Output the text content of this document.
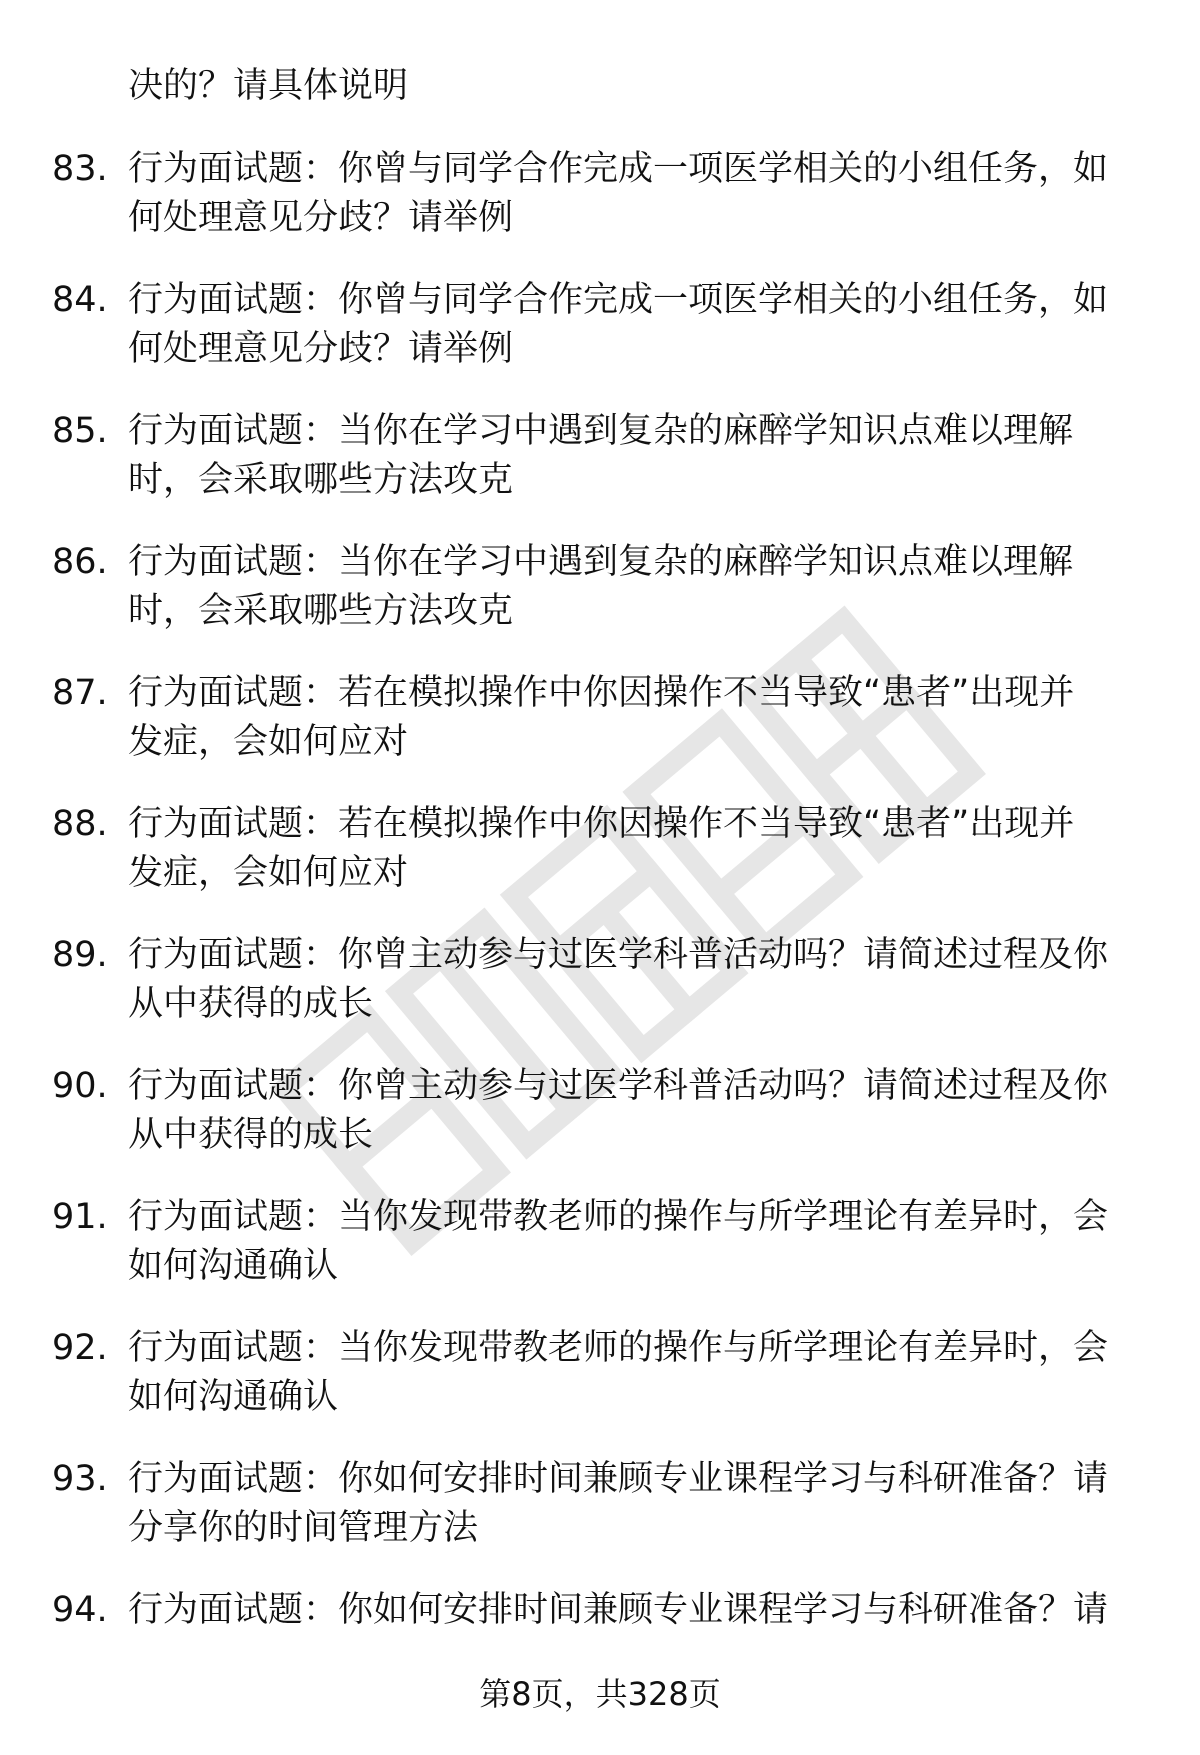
决的？请具体说明
83. 行为面试题：你曾与同学合作完成一项医学相关的小组任务，如
何处理意见分歧？请举例
84. 行为面试题：你曾与同学合作完成一项医学相关的小组任务，如
何处理意见分歧？请举例
85. 行为面试题：当你在学习中遇到复杂的麻醉学知识点难以理解
时，会采取哪些方法攻克
86. 行为面试题：当你在学习中遇到复杂的麻醉学知识点难以理解
时，会采取哪些方法攻克
87. 行为面试题：若在模拟操作中你因操作不当导致“患者”出现并
发症，会如何应对
88. 行为面试题：若在模拟操作中你因操作不当导致“患者”出现并
发症，会如何应对
89. 行为面试题：你曾主动参与过医学科普活动吗？请简述过程及你
从中获得的成长
90. 行为面试题：你曾主动参与过医学科普活动吗？请简述过程及你
从中获得的成长
91. 行为面试题：当你发现带教老师的操作与所学理论有差异时，会
如何沟通确认
92. 行为面试题：当你发现带教老师的操作与所学理论有差异时，会
如何沟通确认
93. 行为面试题：你如何安排时间兼顾专业课程学习与科研准备？请
分享你的时间管理方法
94. 行为面试题：你如何安排时间兼顾专业课程学习与科研准备？请
第8页，共328页
